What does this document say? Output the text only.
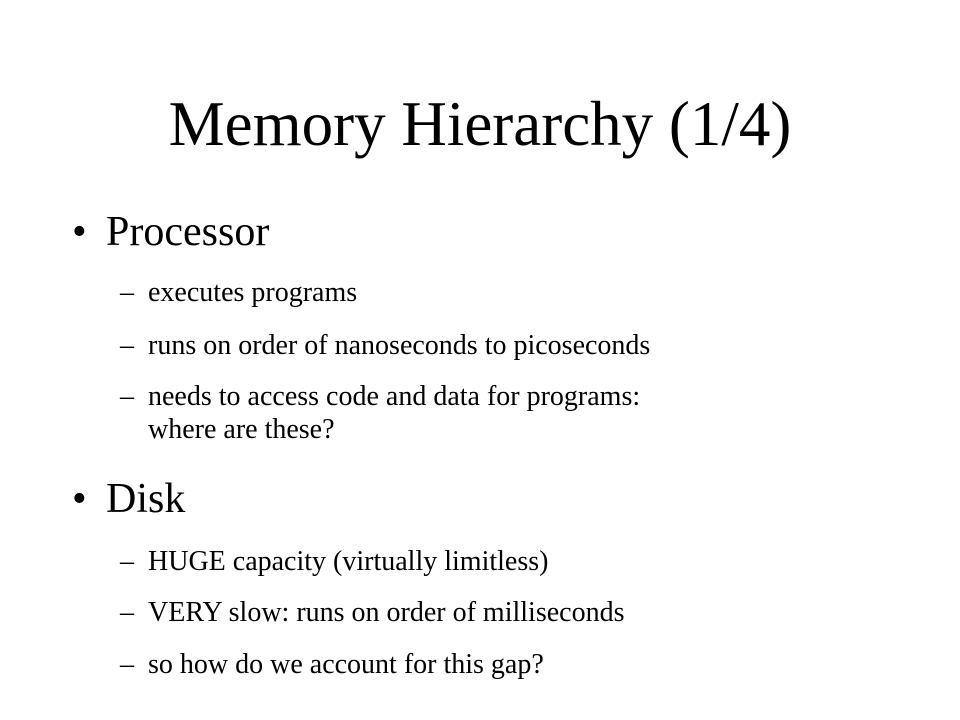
Memory Hierarchy (1/4)
• Processor
– executes programs
– runs on order of nanoseconds to picoseconds
– needs to access code and data for programs:
where are these?
• Disk
– HUGE capacity (virtually limitless)
– VERY slow: runs on order of milliseconds
– so how do we account for this gap?
